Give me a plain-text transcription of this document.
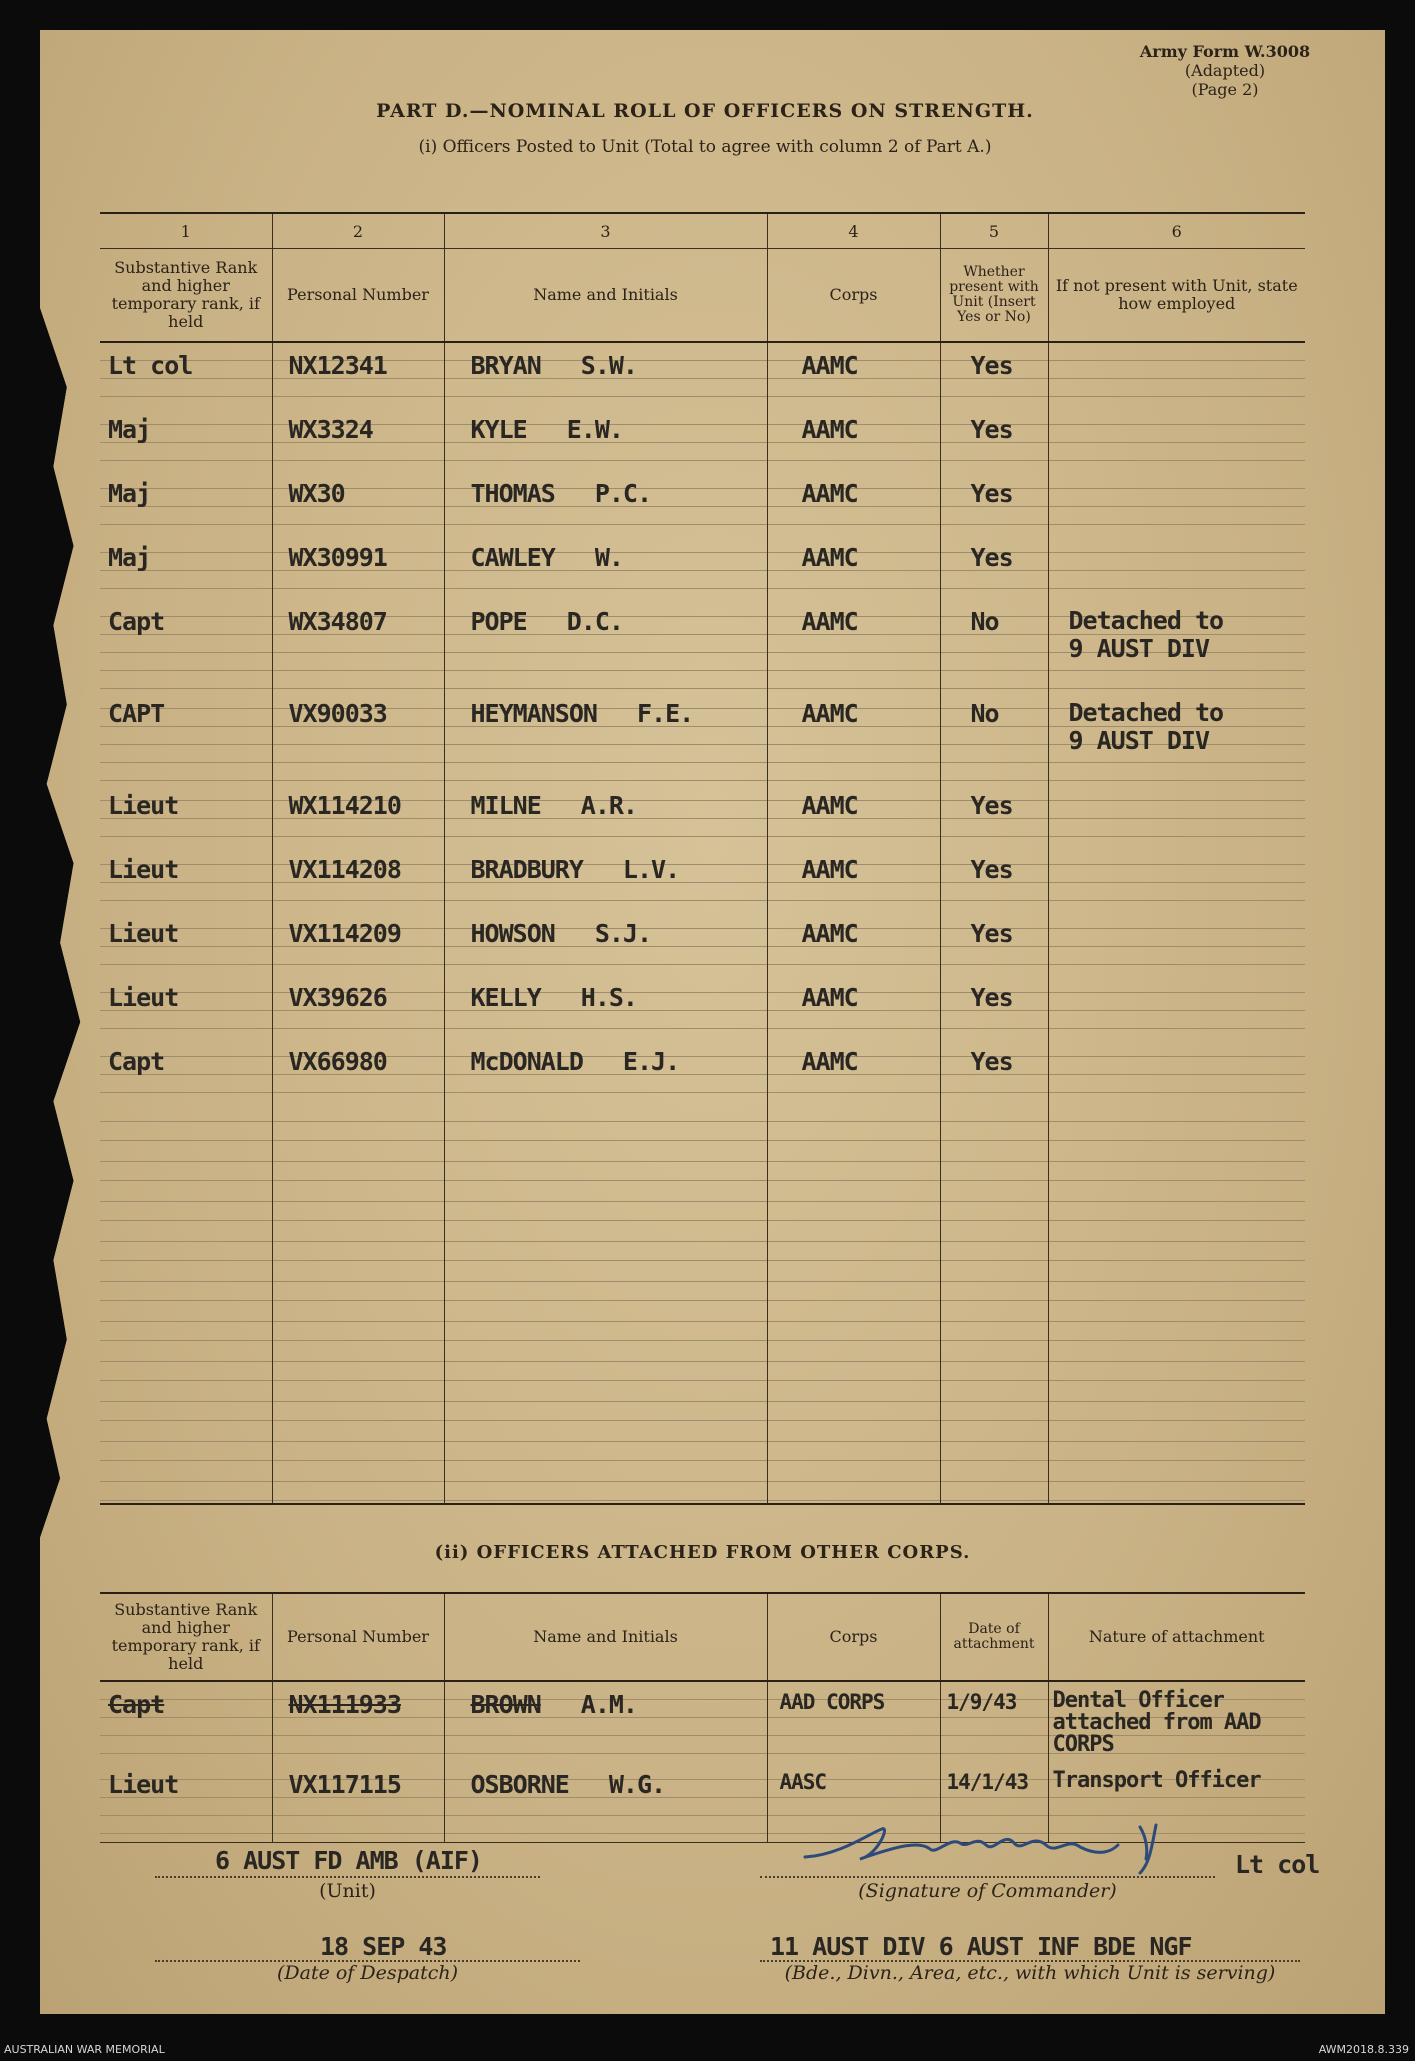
Army Form W.3008
(Adapted)
(Page 2)
PART D.—NOMINAL ROLL OF OFFICERS ON STRENGTH.
(i) Officers Posted to Unit (Total to agree with column 2 of Part A.)
1	2	3	4	5	6
Substantive Rank and higher temporary rank, if held	Personal Number	Name and Initials	Corps	Whether present with Unit (Insert Yes or No)	If not present with Unit, state how employed
Lt col	NX12341	BRYAN S.W.	AAMC	Yes	

Maj	WX3324	KYLE E.W.	AAMC	Yes	

Maj	WX30	THOMAS P.C.	AAMC	Yes	

Maj	WX30991	CAWLEY W.	AAMC	Yes	

Capt	WX34807	POPE D.C.	AAMC	No	Detached to
9 AUST DIV

CAPT	VX90033	HEYMANSON F.E.	AAMC	No	Detached to
9 AUST DIV

Lieut	WX114210	MILNE A.R.	AAMC	Yes	

Lieut	VX114208	BRADBURY L.V.	AAMC	Yes	

Lieut	VX114209	HOWSON S.J.	AAMC	Yes	

Lieut	VX39626	KELLY H.S.	AAMC	Yes	

Capt	VX66980	McDONALD E.J.	AAMC	Yes	

(ii) OFFICERS ATTACHED FROM OTHER CORPS.
Substantive Rank and higher temporary rank, if held	Personal Number	Name and Initials	Corps	Date of attachment	Nature of attachment
Capt	NX111933	BROWN A.M.	AAD CORPS	1/9/43	Dental Officer
attached from AAD
CORPS

Lieut	VX117115	OSBORNE W.G.	AASC	14/1/43	Transport Officer
6 AUST FD AMB (AIF)
(Unit)
Lt col
(Signature of Commander)
18 SEP 43
(Date of Despatch)
11 AUST DIV 6 AUST INF BDE NGF
(Bde., Divn., Area, etc., with which Unit is serving)
AUSTRALIAN WAR MEMORIAL	AWM2018.8.339
